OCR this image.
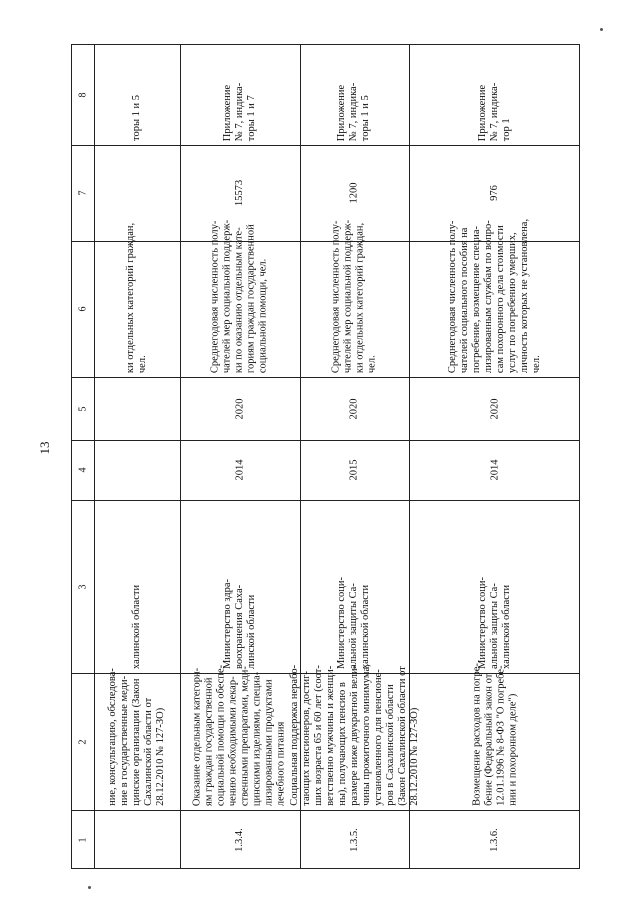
13
8
7
6
5
4
3
2
1
торы 1 и 5
ки отдельных категорий граждан, чел.
халинской области
ние, консультацию, обследова- ние в государственные меди- цинские организации (Закон Сахалинской области от 28.12.2010 № 127-ЗО)
Приложение № 7, индика- торы 1 и 7
15573
Среднегодовая численность полу- чателей мер социальной поддерж- ки по оказанию отдельным кате- гориям граждан государственной социальной помощи, чел.
2020
2014
Министерство здра- воохранения Саха- линской области
Оказание отдельным категори- ям граждан государственной социальной помощи по обеспе- чению необходимыми лекар- ственными препаратами, меди- цинскими изделиями, специа- лизированными продуктами лечебного питания
1.3.4.
Приложение № 7, индика- торы 1 и 5
1200
Среднегодовая численность полу- чателей мер социальной поддерж- ки отдельных категорий граждан, чел.
2020
2015
Министерство соци- альной защиты Са- халинской области
Социальная поддержка нерабо- тающих пенсионеров, достиг- ших возраста 65 и 60 лет (соот- ветственно мужчины и женщи- ны), получающих пенсию в размере ниже двукратной вели- чины прожиточного минимума, установленного для пенсионе- ров в Сахалинской области (Закон Сахалинской области от 28.12.2010 № 127-ЗО)
1.3.5.
Приложение № 7, индика- тор 1
976
Среднегодовая численность полу- чателей социального пособия на погребение, возмещение специа- лизированным службам по вопро- сам похоронного дела стоимости услуг по погребению умерших, личность которых не установлена, чел.
2020
2014
Министерство соци- альной защиты Са- халинской области
Возмещение расходов на погре- бение (Федеральный закон от 12.01.1996 № 8-ФЗ "О погребе- нии и похоронном деле")
1.3.6.
